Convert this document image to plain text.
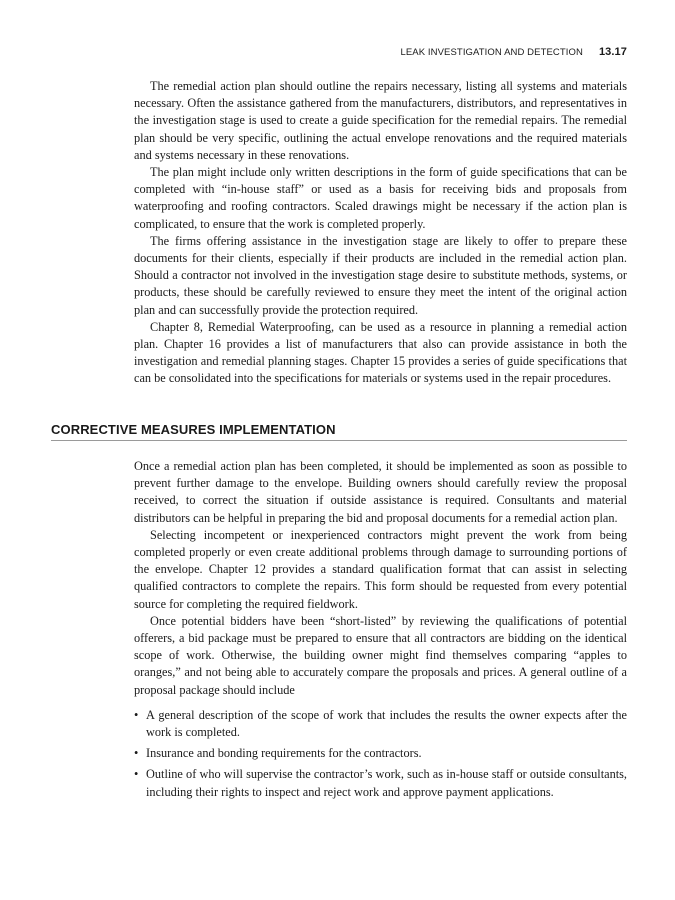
LEAK INVESTIGATION AND DETECTION 13.17

The remedial action plan should outline the repairs necessary, listing all systems and materials necessary. Often the assistance gathered from the manufacturers, distributors, and representatives in the investigation stage is used to create a guide specification for the remedial repairs. The remedial plan should be very specific, outlining the actual envelope renovations and the required materials and systems necessary in these renovations.

The plan might include only written descriptions in the form of guide specifications that can be completed with “in-house staff” or used as a basis for receiving bids and proposals from waterproofing and roofing contractors. Scaled drawings might be necessary if the action plan is complicated, to ensure that the work is completed properly.

The firms offering assistance in the investigation stage are likely to offer to prepare these documents for their clients, especially if their products are included in the remedial action plan. Should a contractor not involved in the investigation stage desire to substitute methods, systems, or products, these should be carefully reviewed to ensure they meet the intent of the original action plan and can successfully provide the protection required.

Chapter 8, Remedial Waterproofing, can be used as a resource in planning a remedial action plan. Chapter 16 provides a list of manufacturers that also can provide assistance in both the investigation and remedial planning stages. Chapter 15 provides a series of guide specifications that can be consolidated into the specifications for materials or systems used in the repair procedures.

CORRECTIVE MEASURES IMPLEMENTATION

Once a remedial action plan has been completed, it should be implemented as soon as possible to prevent further damage to the envelope. Building owners should carefully review the proposal received, to correct the situation if outside assistance is required. Consultants and material distributors can be helpful in preparing the bid and proposal documents for a remedial action plan.

Selecting incompetent or inexperienced contractors might prevent the work from being completed properly or even create additional problems through damage to surrounding portions of the envelope. Chapter 12 provides a standard qualification format that can assist in selecting qualified contractors to complete the repairs. This form should be requested from every potential source for completing the required fieldwork.

Once potential bidders have been “short-listed” by reviewing the qualifications of potential offerers, a bid package must be prepared to ensure that all contractors are bidding on the identical scope of work. Otherwise, the building owner might find themselves comparing “apples to oranges,” and not being able to accurately compare the proposals and prices. A general outline of a proposal package should include

• A general description of the scope of work that includes the results the owner expects after the work is completed.
• Insurance and bonding requirements for the contractors.
• Outline of who will supervise the contractor’s work, such as in-house staff or outside consultants, including their rights to inspect and reject work and approve payment applications.
